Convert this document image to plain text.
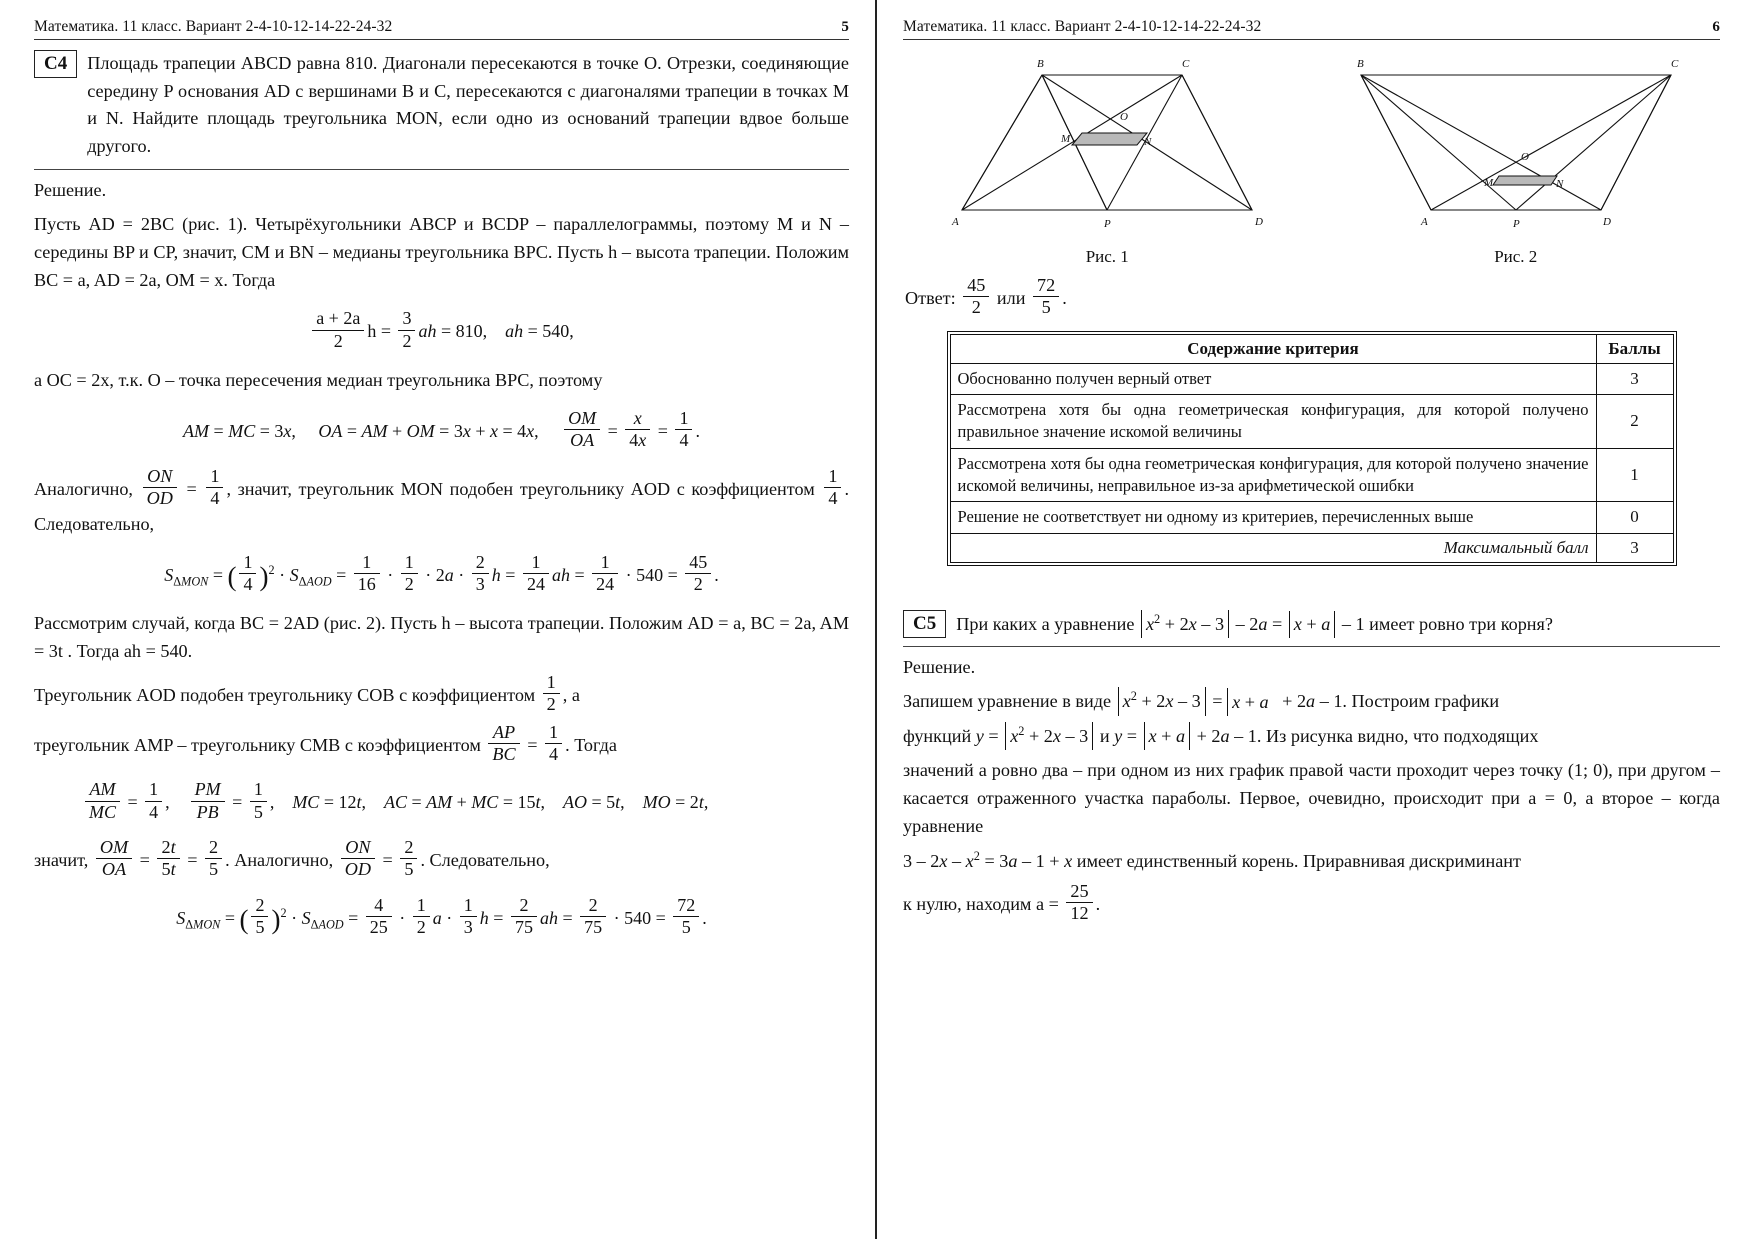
Математика. 11 класс. Вариант 2-4-10-12-14-22-24-32	5
С4	Площадь трапеции ABCD равна 810. Диагонали пересекаются в точке O. Отрезки, соединяющие середину P основания AD с вершинами B и C, пересекаются с диагоналями трапеции в точках M и N. Найдите площадь треугольника MON, если одно из оснований трапеции вдвое больше другого.

Решение.

Пусть AD = 2BC (рис. 1). Четырёхугольники ABCP и BCDP – параллелограммы, поэтому M и N – середины BP и CP, значит, CM и BN – медианы треугольника BPC. Пусть h – высота трапеции. Положим BC = a, AD = 2a, OM = x. Тогда

$\frac{a + 2a}{2}$ $h = \frac{3}{2}$ ah = 810,    ah = 540,

а OC = 2x, т.к. O – точка пересечения медиан треугольника BPC, поэтому

AM = MC = 3x,     OA = AM + OM = 3x + x = 4x, $\frac{OM}{OA} = \frac{x}{4x} = \frac{1}{4}$ .

Аналогично, $\frac{ON}{OD} = \frac{1}{4}$ , значит, треугольник MON подобен треугольнику AOD с коэффициентом $\frac{1}{4}$ . Следовательно,

$S_{\Delta MON}$ = ( $\frac{1}{4} )^2 \cdot S_{\Delta AOD} = \frac{1}{16} \cdot \frac{1}{2} \cdot 2a \cdot \frac{2}{3}$ $h = \frac{1}{24}$ ah = $\frac{1}{24} \cdot 540 = \frac{45}{2}$ .

Рассмотрим случай, когда BC = 2AD (рис. 2). Пусть h – высота трапеции. Положим AD = a, BC = 2a, AM = 3t . Тогда ah = 540.

Треугольник AOD подобен треугольнику COB с коэффициентом $\frac{1}{2}$ , а

треугольник AMP – треугольнику CMB с коэффициентом $\frac{AP}{BC} = \frac{1}{4}$ . Тогда

$\frac{AM}{MC} = \frac{1}{4}$ , $\frac{PM}{PB} = \frac{1}{5}$ ,    MC = 12t,    AC = AM + MC = 15t,    AO = 5t,    MO = 2t,

значит, $\frac{OM}{OA} = \frac{2t}{5t} = \frac{2}{5}$ . Аналогично, $\frac{ON}{OD} = \frac{2}{5}$ . Следовательно,

$S_{\Delta MON}$ = ( $\frac{2}{5} )^2 \cdot S_{\Delta AOD} = \frac{4}{25} \cdot \frac{1}{2}$ $a \cdot \frac{1}{3}$ $h = \frac{2}{75}$ ah = $\frac{2}{75} \cdot 540 = \frac{72}{5}$ .
Математика. 11 класс. Вариант 2-4-10-12-14-22-24-32	6
B	C
O
M	N
A	P	D
Рис. 1
B	C
O
M	N
A	P	D
Рис. 2

Ответ: $\frac{45}{2}$ или $\frac{72}{5}$ .

Содержание критерия	Баллы
Обоснованно получен верный ответ	3
Рассмотрена хотя бы одна геометрическая конфигурация, для которой получено правильное значение искомой величины	2
Рассмотрена хотя бы одна геометрическая конфигурация, для которой получено значение искомой величины, неправильное из-за арифметической ошибки	1
Решение не соответствует ни одному из критериев, перечисленных выше	0
Максимальный балл	3
С5	При каких a уравнение $x^2 + 2x - 3 - 2a = x + a - 1$ имеет ровно три корня?

Решение.

Запишем уравнение в виде $x^2 + 2x - 3 = x + a + 2a - 1$. Построим графики

функций $y = x^2 + 2x - 3$ и y = x + a + 2a – 1. Из рисунка видно, что подходящих

значений a ровно два – при одном из них график правой части проходит через точку (1; 0), при другом – касается отраженного участка параболы. Первое, очевидно, происходит при a = 0, а второе – когда уравнение

$3 - 2x - x^2 = 3a - 1 + x$ имеет единственный корень. Приравнивая дискриминант

к нулю, находим $a = \frac{25}{12}$ .
